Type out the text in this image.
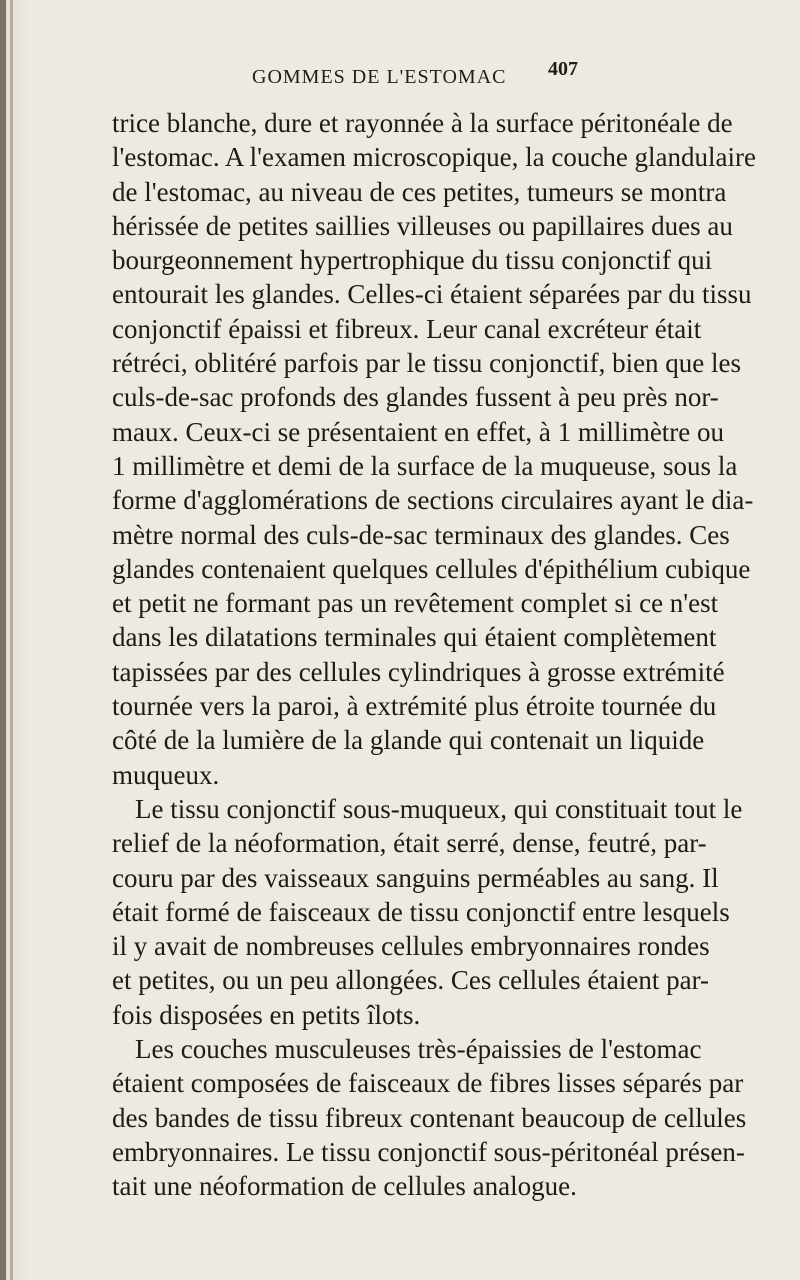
GOMMES DE L'ESTOMAC 407
trice blanche, dure et rayonnée à la surface péritonéale de
l'estomac. A l'examen microscopique, la couche glandulaire
de l'estomac, au niveau de ces petites, tumeurs se montra
hérissée de petites saillies villeuses ou papillaires dues au
bourgeonnement hypertrophique du tissu conjonctif qui
entourait les glandes. Celles-ci étaient séparées par du tissu
conjonctif épaissi et fibreux. Leur canal excréteur était
rétréci, oblitéré parfois par le tissu conjonctif, bien que les
culs-de-sac profonds des glandes fussent à peu près nor-
maux. Ceux-ci se présentaient en effet, à 1 millimètre ou
1 millimètre et demi de la surface de la muqueuse, sous la
forme d'agglomérations de sections circulaires ayant le dia-
mètre normal des culs-de-sac terminaux des glandes. Ces
glandes contenaient quelques cellules d'épithélium cubique
et petit ne formant pas un revêtement complet si ce n'est
dans les dilatations terminales qui étaient complètement
tapissées par des cellules cylindriques à grosse extrémité
tournée vers la paroi, à extrémité plus étroite tournée du
côté de la lumière de la glande qui contenait un liquide
muqueux.
Le tissu conjonctif sous-muqueux, qui constituait tout le
relief de la néoformation, était serré, dense, feutré, par-
couru par des vaisseaux sanguins perméables au sang. Il
était formé de faisceaux de tissu conjonctif entre lesquels
il y avait de nombreuses cellules embryonnaires rondes
et petites, ou un peu allongées. Ces cellules étaient par-
fois disposées en petits îlots.
Les couches musculeuses très-épaissies de l'estomac
étaient composées de faisceaux de fibres lisses séparés par
des bandes de tissu fibreux contenant beaucoup de cellules
embryonnaires. Le tissu conjonctif sous-péritonéal présen-
tait une néoformation de cellules analogue.
